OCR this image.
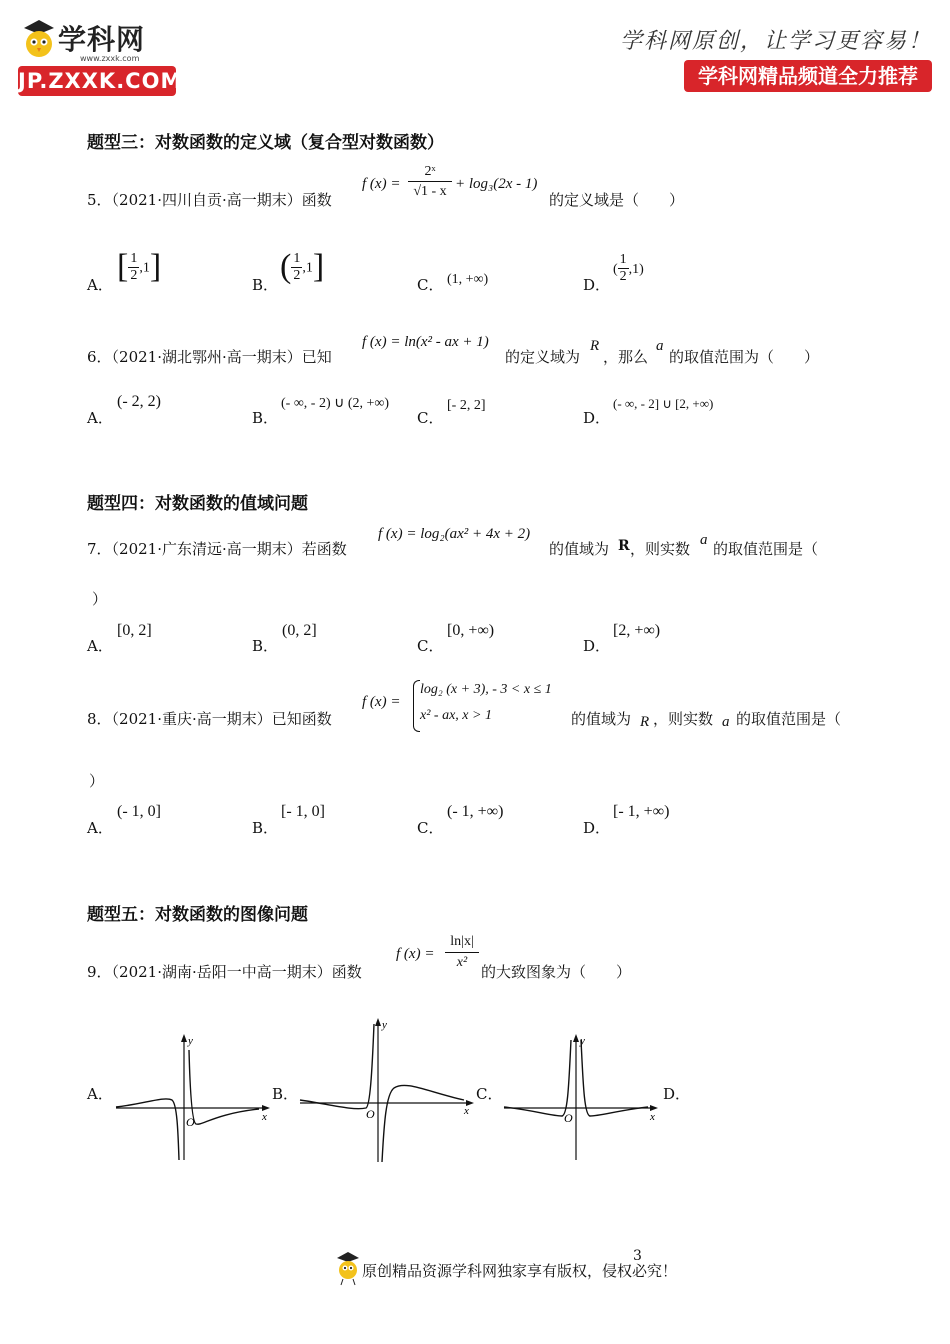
学科网
www.zxxk.com
JP.ZXXK.COM
学科网原创，让学习更容易！
学科网精品频道全力推荐
题型三：对数函数的定义域（复合型对数函数）
5．（2021·四川自贡·高一期末）函数
f $(x) = \frac{\text{2ˣ}}{√1 - x} + \log_3(2x - 1)$
的定义域是（　　）
A． [ $\frac{1}{2} ,1$]	B． ( $\frac{1}{2} ,1$]	C． (1, +∞)	D．
( $\frac{1}{2} ,1$)
6．（2021·湖北鄂州·高一期末）已知
f (x) = ln(x² - ax + 1)
的定义域为
R
，那么
a
的取值范围为（　　）
A．
(- 2, 2)
B．
(- ∞, - 2) ∪ (2, +∞)
C．
[- 2, 2]
D．
(- ∞, - 2] ∪ [2, +∞)
题型四：对数函数的值域问题
7．（2021·广东清远·高一期末）若函数
f (x) = log₂(ax² + 4x + 2)
的值域为 R ，则实数 a 的取值范围是（
）
A．
[0, 2]
B．
(0, 2]
C．
[0, +∞)
D．
[2, +∞)
8．（2021·重庆·高一期末）已知函数
f (x) =
log₂ (x + 3), - 3 < x ≤ 1
x² - ax, x > 1	的值域为 R ，则实数 a 的取值范围是（
）
A．
(- 1, 0]
B．
[- 1, 0]
C．
(- 1, +∞)
D．
[- 1, +∞)
题型五：对数函数的图像问题
9．（2021·湖南·岳阳一中高一期末）函数
f $(x) = \frac{\ln|x|}{\text{x²}}$ 的大致图象为（　　）
A．	B．	C．	D．
y
x
O
y
x
O
y
x
O
原创精品资源学科网独家享有版权，侵权必究！
3
